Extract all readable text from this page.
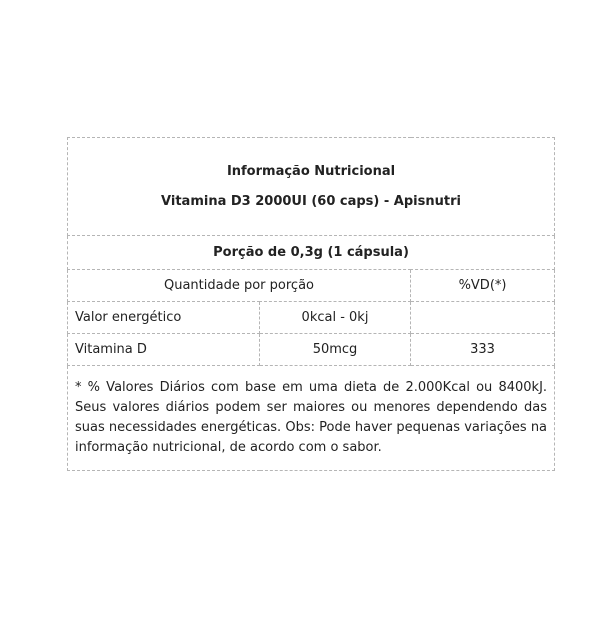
Informação Nutricional
Vitamina D3 2000UI (60 caps) - Apisnutri		

Porção de 0,3g (1 cápsula)		
Quantidade por porção		%VD(*)
Valor energético	0kcal - 0kj	
Vitamina D	50mcg	333
* % Valores Diários com base em uma dieta de 2.000Kcal ou 8400kJ. Seus valores diários podem ser maiores ou menores dependendo das suas necessidades energéticas. Obs: Pode haver pequenas variações na informação nutricional, de acordo com o sabor.		
